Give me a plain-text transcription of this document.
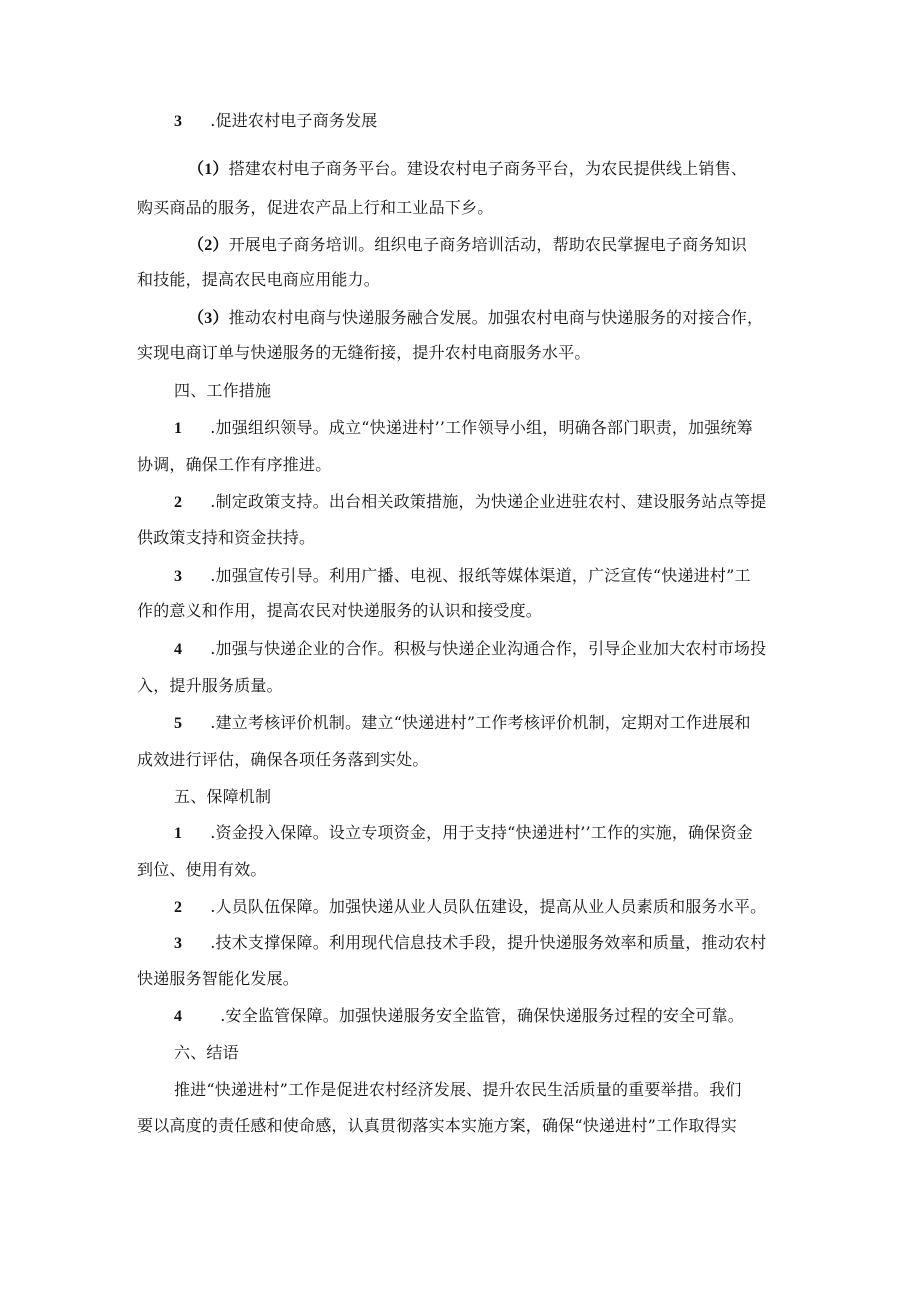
3 .促进农村电子商务发展
（1）搭建农村电子商务平台。建设农村电子商务平台，为农民提供线上销售、
购买商品的服务，促进农产品上行和工业品下乡。
（2）开展电子商务培训。组织电子商务培训活动，帮助农民掌握电子商务知识
和技能，提高农民电商应用能力。
（3）推动农村电商与快递服务融合发展。加强农村电商与快递服务的对接合作，
实现电商订单与快递服务的无缝衔接，提升农村电商服务水平。
四、工作措施
1 .加强组织领导。成立“快递进村’’工作领导小组，明确各部门职责，加强统筹
协调，确保工作有序推进。
2 .制定政策支持。出台相关政策措施，为快递企业进驻农村、建设服务站点等提
供政策支持和资金扶持。
3 .加强宣传引导。利用广播、电视、报纸等媒体渠道，广泛宣传“快递进村”工
作的意义和作用，提高农民对快递服务的认识和接受度。
4 .加强与快递企业的合作。积极与快递企业沟通合作，引导企业加大农村市场投
入，提升服务质量。
5 .建立考核评价机制。建立“快递进村”工作考核评价机制，定期对工作进展和
成效进行评估，确保各项任务落到实处。
五、保障机制
1 .资金投入保障。设立专项资金，用于支持“快递进村’’工作的实施，确保资金
到位、使用有效。
2 .人员队伍保障。加强快递从业人员队伍建设，提高从业人员素质和服务水平。
3 .技术支撑保障。利用现代信息技术手段，提升快递服务效率和质量，推动农村
快递服务智能化发展。
4 .安全监管保障。加强快递服务安全监管，确保快递服务过程的安全可靠。
六、结语
推进“快递进村”工作是促进农村经济发展、提升农民生活质量的重要举措。我们
要以高度的责任感和使命感，认真贯彻落实本实施方案，确保“快递进村”工作取得实
